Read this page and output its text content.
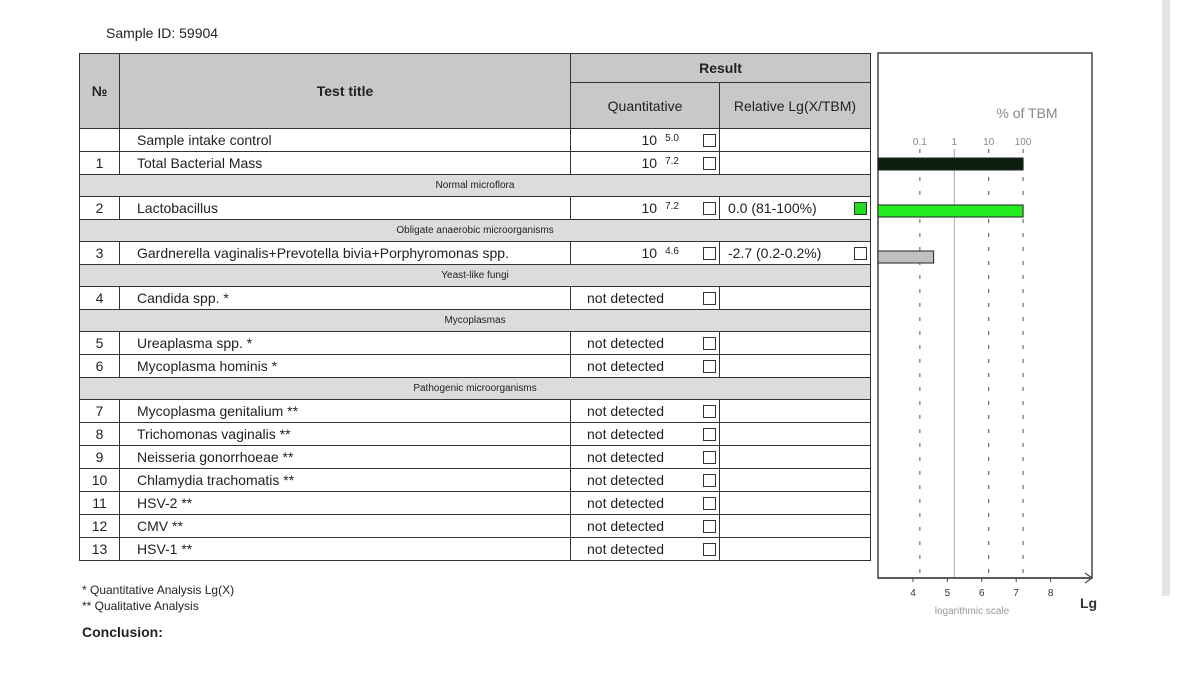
Sample ID: 59904
№	Test title	Result	
		Quantitative	Relative Lg(X/TBM)
	Sample intake control	10 $^{5.0}$

1	Total Bacterial Mass	10 $^{7.2}$

Normal microflora			
2	Lactobacillus	10 $^{7.2}$	0.0 (81-100%)

Obligate anaerobic microorganisms			
3	Gardnerella vaginalis+Prevotella bivia+Porphyromonas spp.	10 $^{4.6}$	-2.7 (0.2-0.2%)

Yeast-like fungi			
4	Candida spp. *	not detected

Mycoplasmas			
5	Ureaplasma spp. *	not detected

6	Mycoplasma hominis *	not detected

Pathogenic microorganisms			
7	Mycoplasma genitalium **	not detected

8	Trichomonas vaginalis **	not detected

9	Neisseria gonorrhoeae **	not detected

10	Chlamydia trachomatis **	not detected

11	HSV-2 **	not detected

12	CMV **	not detected

13	HSV-1 **	not detected

% of TBM
0.1 1	10 100
4	5	6	7	8
logarithmic scale
Lg
* Quantitative Analysis Lg(X)
** Qualitative Analysis
Conclusion:
